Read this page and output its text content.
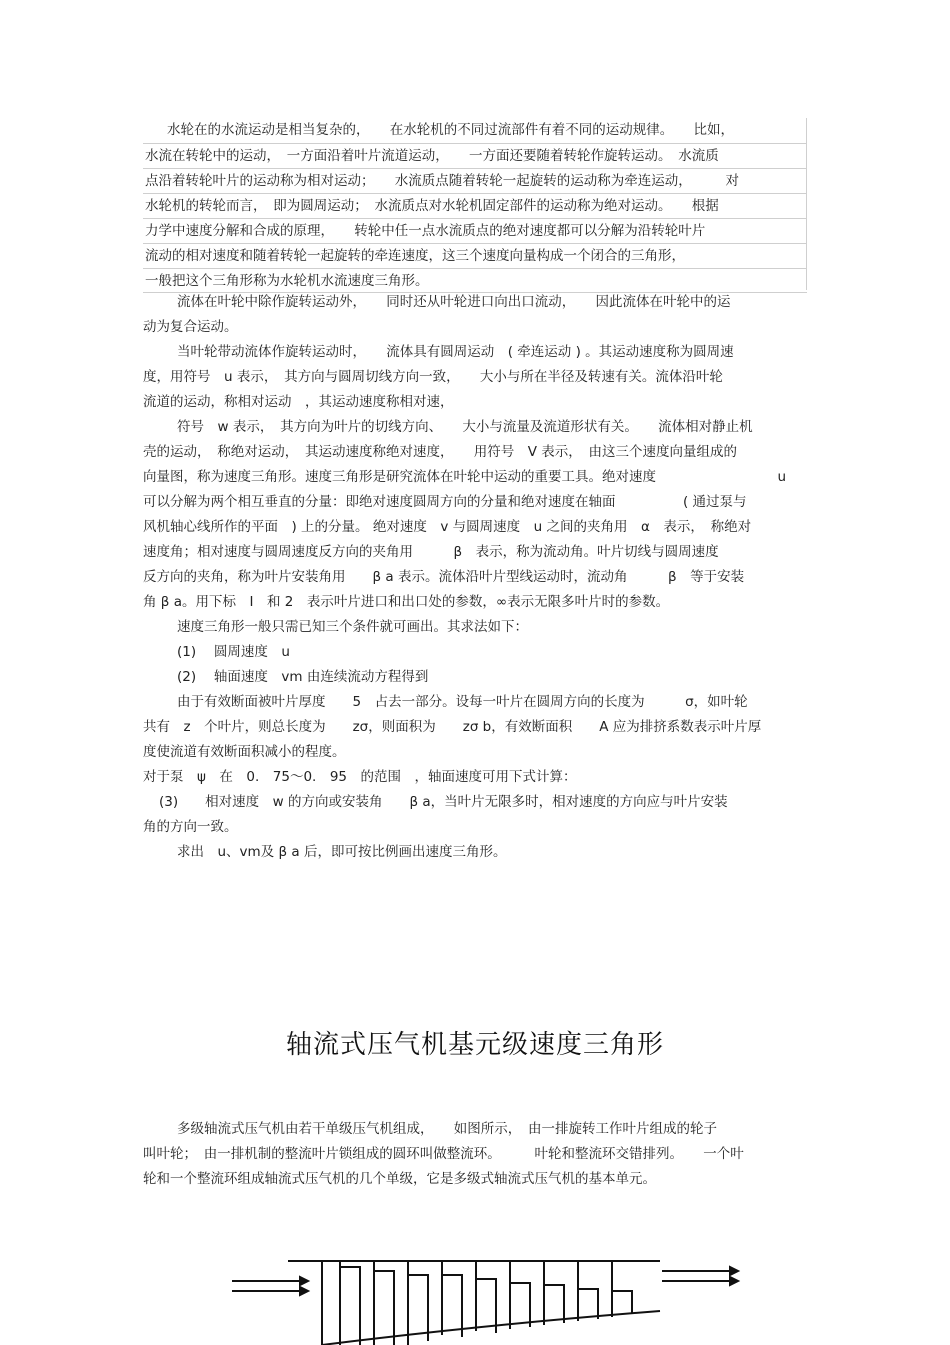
水轮在的水流运动是相当复杂的，　　在水轮机的不同过流部件有着不同的运动规律。　　比如，
水流在转轮中的运动，　一方面沿着叶片流道运动，　　一方面还要随着转轮作旋转运动。　水流质
点沿着转轮叶片的运动称为相对运动；　　水流质点随着转轮一起旋转的运动称为牵连运动，　　　对
水轮机的转轮而言，　即为圆周运动；　水流质点对水轮机固定部件的运动称为绝对运动。　　根据
力学中速度分解和合成的原理，　　转轮中任一点水流质点的绝对速度都可以分解为沿转轮叶片
流动的相对速度和随着转轮一起旋转的牵连速度，这三个速度向量构成一个闭合的三角形，
一般把这个三角形称为水轮机水流速度三角形。

流体在叶轮中除作旋转运动外，　　同时还从叶轮进口向出口流动，　　因此流体在叶轮中的运

动为复合运动。

当叶轮带动流体作旋转运动时，　　流体具有圆周运动　( 牵连运动 ) 。其运动速度称为圆周速

度，用符号　u 表示，　其方向与圆周切线方向一致，　　大小与所在半径及转速有关。流体沿叶轮

流道的运动，称相对运动　，其运动速度称相对速，

符号　w 表示，　其方向为叶片的切线方向、　　大小与流量及流道形状有关。　　流体相对静止机

壳的运动，　称绝对运动，　其运动速度称绝对速度，　　用符号　V 表示，　由这三个速度向量组成的

向量图，称为速度三角形。速度三角形是研究流体在叶轮中运动的重要工具。绝对速度　　　　　　　　　u

可以分解为两个相互垂直的分量：即绝对速度圆周方向的分量和绝对速度在轴面　　　　　( 通过泵与

风机轴心线所作的平面　) 上的分量。 绝对速度　v 与圆周速度　u 之间的夹角用　α　表示，　称绝对

速度角；相对速度与圆周速度反方向的夹角用　　　β　表示，称为流动角。叶片切线与圆周速度

反方向的夹角，称为叶片安装角用　　β a 表示。流体沿叶片型线运动时，流动角　　　β　等于安装

角 β a。用下标　I　和 2　表示叶片进口和出口处的参数，∞表示无限多叶片时的参数。

速度三角形一般只需已知三个条件就可画出。其求法如下：

(1)　 圆周速度　u

(2)　 轴面速度　vm 由连续流动方程得到

由于有效断面被叶片厚度　　5　占去一部分。设每一叶片在圆周方向的长度为　　　σ，如叶轮

共有　z　个叶片，则总长度为　　zσ，则面积为　　zσ b，有效断面积　　A 应为排挤系数表示叶片厚

度使流道有效断面积减小的程度。

对于泵　ψ　在　0.　75～0.　95　的范围　，轴面速度可用下式计算：

(3)　　相对速度　w 的方向或安装角　　β a，当叶片无限多时，相对速度的方向应与叶片安装

角的方向一致。

求出　u、vm及 β a 后，即可按比例画出速度三角形。

轴流式压气机基元级速度三角形

多级轴流式压气机由若干单级压气机组成，　　如图所示，　由一排旋转工作叶片组成的轮子

叫叶轮；　由一排机制的整流叶片锁组成的圆环叫做整流环。　　　叶轮和整流环交错排列。　　一个叶

轮和一个整流环组成轴流式压气机的几个单级，它是多级式轴流式压气机的基本单元。
